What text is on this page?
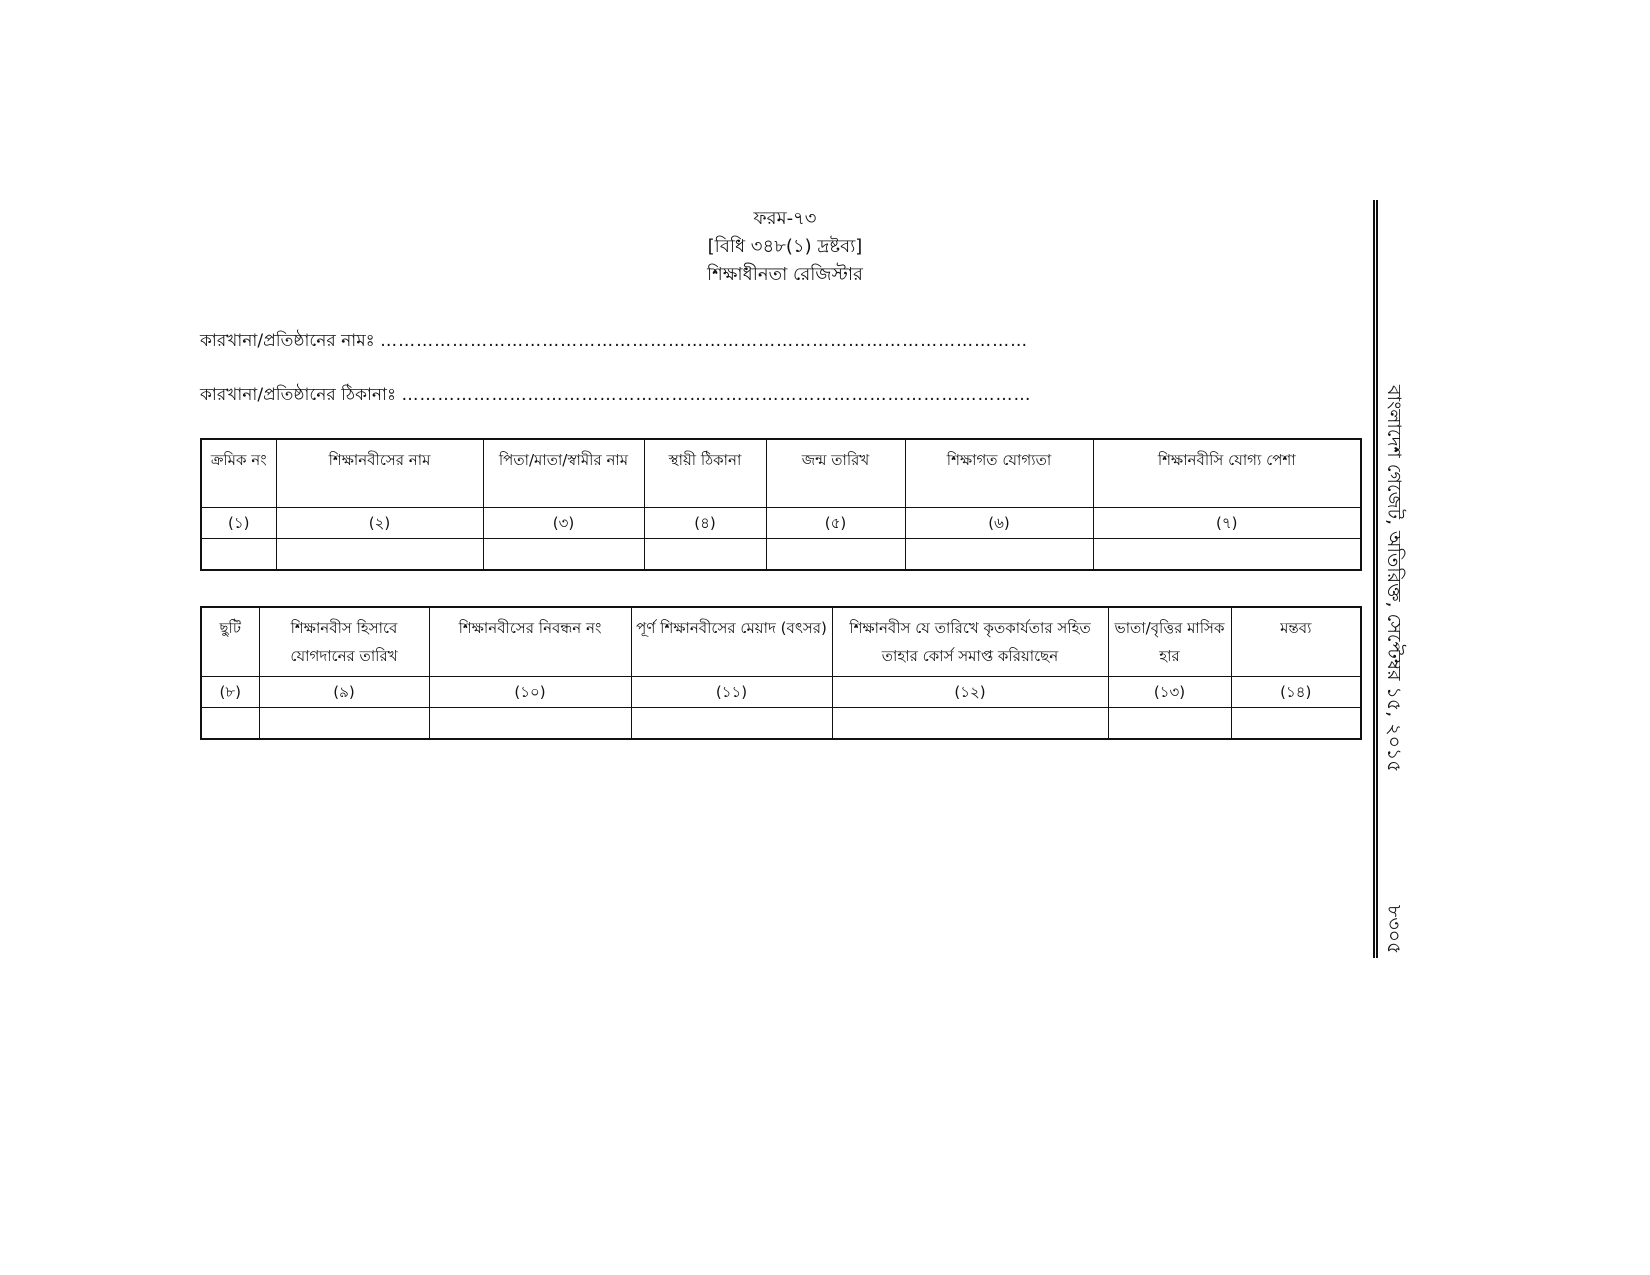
ফরম-৭৩
[বিধি ৩৪৮(১) দ্রষ্টব্য]
শিক্ষাধীনতা রেজিস্টার
কারখানা/প্রতিষ্ঠানের নামঃ ………………………………………………………………………………………………
কারখানা/প্রতিষ্ঠানের ঠিকানাঃ ……………………………………………………………………………………………
ক্রমিক নং	শিক্ষানবীসের নাম	পিতা/মাতা/স্বামীর নাম	স্থায়ী ঠিকানা	জন্ম তারিখ	শিক্ষাগত যোগ্যতা	শিক্ষানবীসি যোগ্য পেশা
(১)	(২)	(৩)	(৪)	(৫)	(৬)	(৭)

ছুটি	শিক্ষানবীস হিসাবে যোগদানের তারিখ	শিক্ষানবীসের নিবন্ধন নং	পূর্ণ শিক্ষানবীসের মেয়াদ (বৎসর)	শিক্ষানবীস যে তারিখে কৃতকার্যতার সহিত তাহার কোর্স সমাপ্ত করিয়াছেন	ভাতা/বৃত্তির মাসিক হার	মন্তব্য
(৮)	(৯)	(১০)	(১১)	(১২)	(১৩)	(১৪)
							বাংলাদেশ গেজেট, অতিরিক্ত, সেপ্টেম্বর ১৫, ২০১৫
৮৩০৫
